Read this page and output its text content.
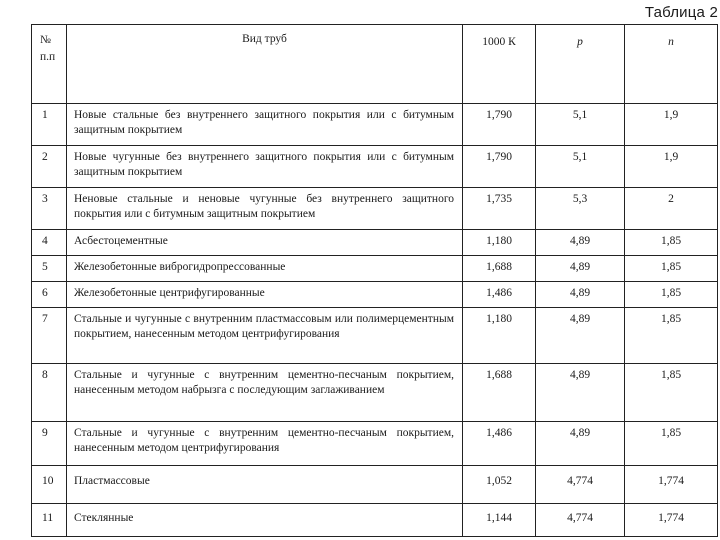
Таблица 2
№ п.п	Вид труб	1000 К	р	n
1	Новые стальные без внутреннего защитного покрытия или с битумным защитным покрытием	1,790	5,1	1,9
2	Новые чугунные без внутреннего защитного покрытия или с битумным защитным покрытием	1,790	5,1	1,9
3	Неновые стальные и неновые чугунные без внутреннего защитного покрытия или с битумным защитным покрытием	1,735	5,3	2
4	Асбестоцементные	1,180	4,89	1,85
5	Железобетонные виброгидропрессованные	1,688	4,89	1,85
6	Железобетонные центрифугированные	1,486	4,89	1,85
7	Стальные и чугунные с внутренним пластмассовым или полимерцементным покрытием, нанесенным методом центрифугирования	1,180	4,89	1,85
8	Стальные и чугунные с внутренним цементно-песчаным покрытием, нанесенным методом набрызга с последующим заглаживанием	1,688	4,89	1,85
9	Стальные и чугунные с внутренним цементно-песчаным покрытием, нанесенным методом центрифугирования	1,486	4,89	1,85
10	Пластмассовые	1,052	4,774	1,774
11	Стеклянные	1,144	4,774	1,774
